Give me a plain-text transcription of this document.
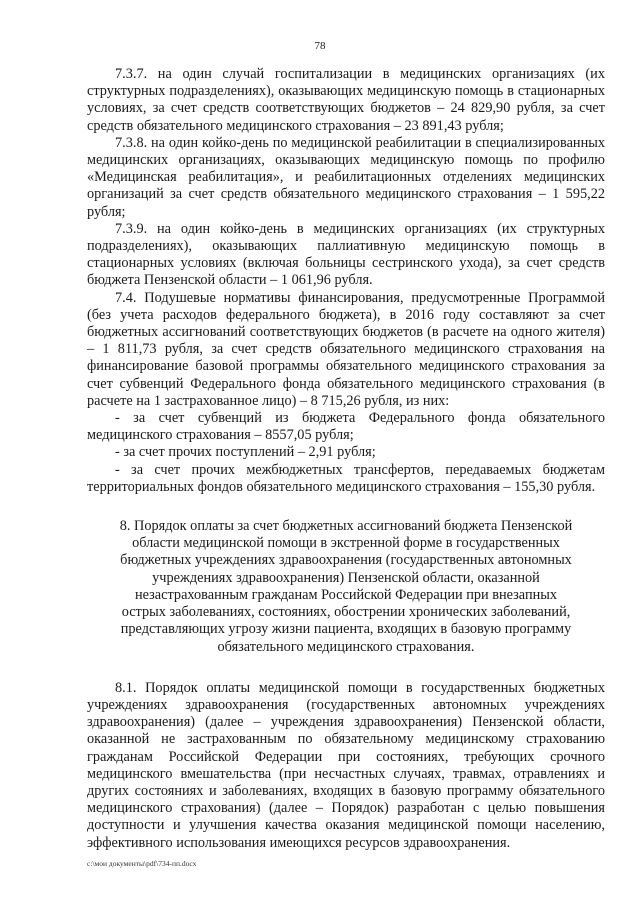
78

7.3.7. на один случай госпитализации в медицинских организациях (их структурных подразделениях), оказывающих медицинскую помощь в стационарных условиях, за счет средств соответствующих бюджетов – 24 829,90 рубля, за счет средств обязательного медицинского страхования – 23 891,43 рубля;

7.3.8. на один койко-день по медицинской реабилитации в специализированных медицинских организациях, оказывающих медицинскую помощь по профилю «Медицинская реабилитация», и реабилитационных отделениях медицинских организаций за счет средств обязательного медицинского страхования – 1 595,22 рубля;

7.3.9. на один койко-день в медицинских организациях (их структурных подразделениях), оказывающих паллиативную медицинскую помощь в стационарных условиях (включая больницы сестринского ухода), за счет средств бюджета Пензенской области – 1 061,96 рубля.

7.4. Подушевые нормативы финансирования, предусмотренные Программой (без учета расходов федерального бюджета), в 2016 году составляют за счет бюджетных ассигнований соответствующих бюджетов (в расчете на одного жителя) – 1 811,73 рубля, за счет средств обязательного медицинского страхования на финансирование базовой программы обязательного медицинского страхования за счет субвенций Федерального фонда обязательного медицинского страхования (в расчете на 1 застрахованное лицо) – 8 715,26 рубля, из них:

- за счет субвенций из бюджета Федерального фонда обязательного медицинского страхования – 8557,05 рубля;

- за счет прочих поступлений – 2,91 рубля;

- за счет прочих межбюджетных трансфертов, передаваемых бюджетам территориальных фондов обязательного медицинского страхования – 155,30 рубля.

8. Порядок оплаты за счет бюджетных ассигнований бюджета Пензенской области медицинской помощи в экстренной форме в государственных бюджетных учреждениях здравоохранения (государственных автономных учреждениях здравоохранения) Пензенской области, оказанной незастрахованным гражданам Российской Федерации при внезапных острых заболеваниях, состояниях, обострении хронических заболеваний, представляющих угрозу жизни пациента, входящих в базовую программу обязательного медицинского страхования.

8.1. Порядок оплаты медицинской помощи в государственных бюджетных учреждениях здравоохранения (государственных автономных учреждениях здравоохранения) (далее – учреждения здравоохранения) Пензенской области, оказанной не застрахованным по обязательному медицинскому страхованию гражданам Российской Федерации при состояниях, требующих срочного медицинского вмешательства (при несчастных случаях, травмах, отравлениях и других состояниях и заболеваниях, входящих в базовую программу обязательного медицинского страхования) (далее – Порядок) разработан с целью повышения доступности и улучшения качества оказания медицинской помощи населению, эффективного использования имеющихся ресурсов здравоохранения.

c:\мои документы\pdf\734-пп.docx
